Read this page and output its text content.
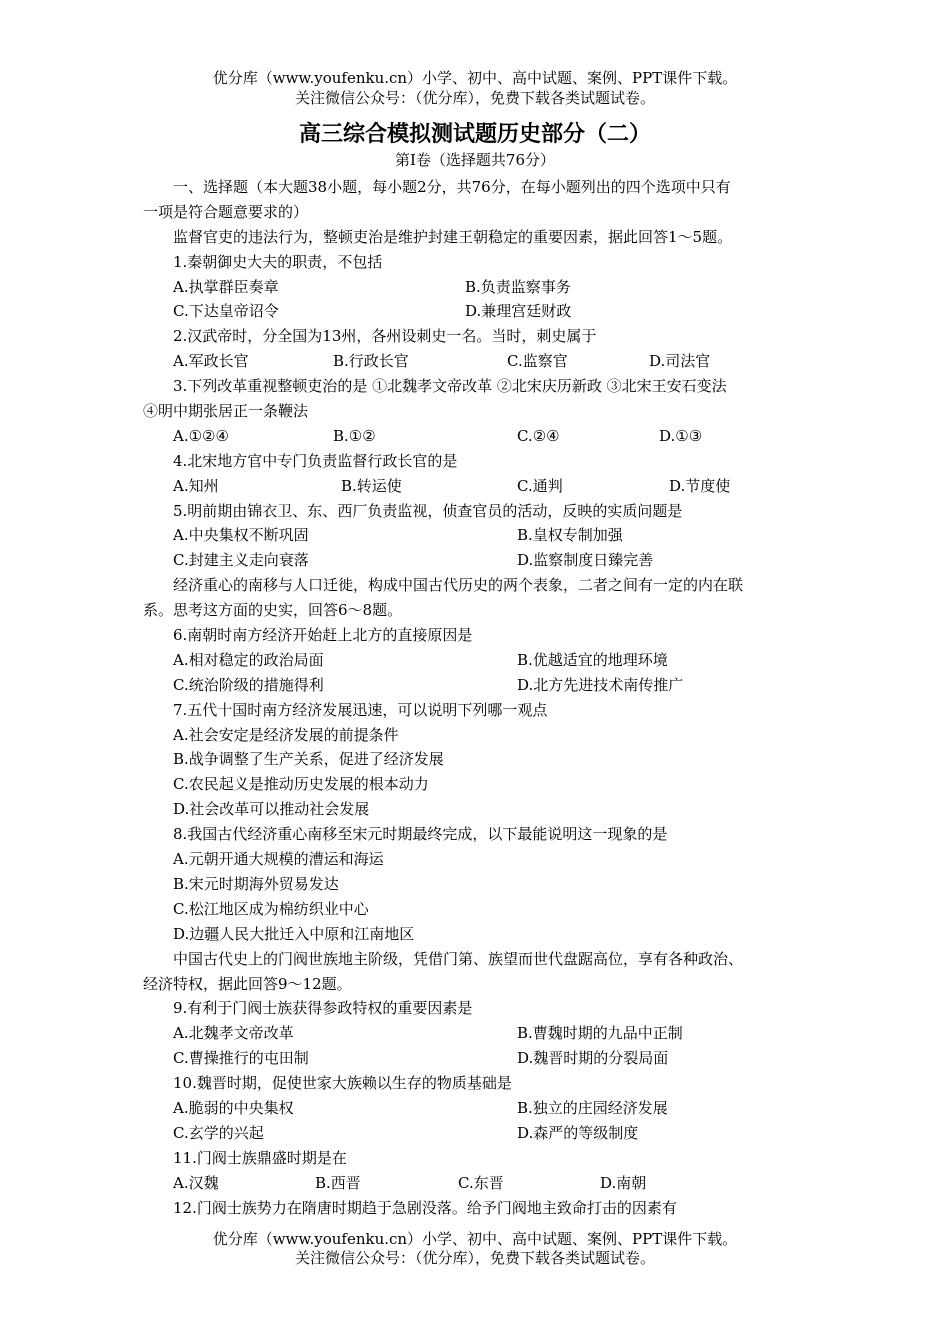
优分库（www.youfenku.cn）小学、初中、高中试题、案例、PPT课件下载。
关注微信公众号：（优分库），免费下载各类试题试卷。
高三综合模拟测试题历史部分（二）
第Ⅰ卷（选择题共76分）
一、选择题（本大题38小题，每小题2分，共76分，在每小题列出的四个选项中只有
一项是符合题意要求的）
监督官吏的违法行为，整顿吏治是维护封建王朝稳定的重要因素，据此回答1～5题。
1.秦朝御史大夫的职责，不包括
A.执掌群臣奏章	B.负责监察事务
C.下达皇帝诏令	D.兼理宫廷财政
2.汉武帝时，分全国为13州，各州设刺史一名。当时，刺史属于
A.军政长官	B.行政长官	C.监察官	D.司法官
3.下列改革重视整顿吏治的是 ①北魏孝文帝改革 ②北宋庆历新政 ③北宋王安石变法
④明中期张居正一条鞭法
A.①②④	B.①②	C.②④	D.①③
4.北宋地方官中专门负责监督行政长官的是
A.知州	B.转运使	C.通判	D.节度使
5.明前期由锦衣卫、东、西厂负责监视，侦查官员的活动，反映的实质问题是
A.中央集权不断巩固	B.皇权专制加强
C.封建主义走向衰落	D.监察制度日臻完善
经济重心的南移与人口迁徙，构成中国古代历史的两个表象，二者之间有一定的内在联
系。思考这方面的史实，回答6～8题。
6.南朝时南方经济开始赶上北方的直接原因是
A.相对稳定的政治局面	B.优越适宜的地理环境
C.统治阶级的措施得利	D.北方先进技术南传推广
7.五代十国时南方经济发展迅速，可以说明下列哪一观点
A.社会安定是经济发展的前提条件
B.战争调整了生产关系，促进了经济发展
C.农民起义是推动历史发展的根本动力
D.社会改革可以推动社会发展
8.我国古代经济重心南移至宋元时期最终完成，以下最能说明这一现象的是
A.元朝开通大规模的漕运和海运
B.宋元时期海外贸易发达
C.松江地区成为棉纺织业中心
D.边疆人民大批迁入中原和江南地区
中国古代史上的门阀世族地主阶级，凭借门第、族望而世代盘踞高位，享有各种政治、
经济特权，据此回答9～12题。
9.有利于门阀士族获得参政特权的重要因素是
A.北魏孝文帝改革	B.曹魏时期的九品中正制
C.曹操推行的屯田制	D.魏晋时期的分裂局面
10.魏晋时期，促使世家大族赖以生存的物质基础是
A.脆弱的中央集权	B.独立的庄园经济发展
C.玄学的兴起	D.森严的等级制度
11.门阀士族鼎盛时期是在
A.汉魏	B.西晋	C.东晋	D.南朝
12.门阀士族势力在隋唐时期趋于急剧没落。给予门阀地主致命打击的因素有
优分库（www.youfenku.cn）小学、初中、高中试题、案例、PPT课件下载。
关注微信公众号：（优分库），免费下载各类试题试卷。
